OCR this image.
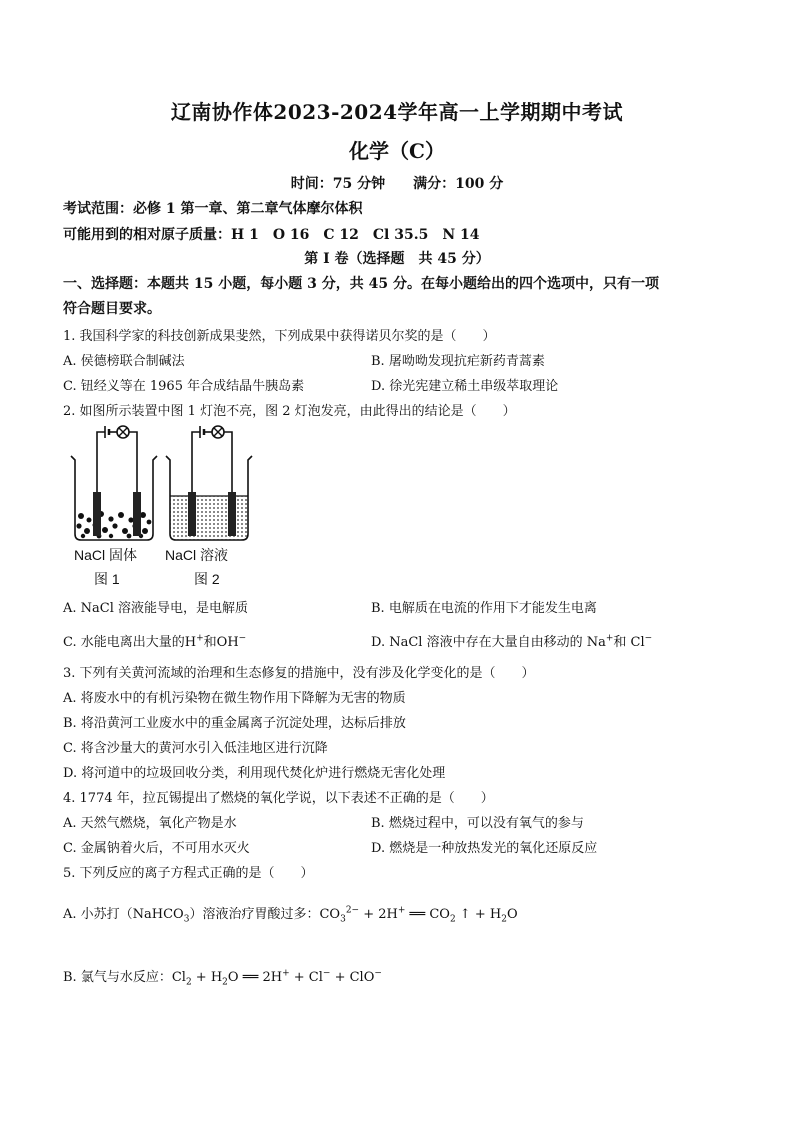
辽南协作体2023-2024学年高一上学期期中考试
化学（C）
时间：75 分钟　　满分：100 分
考试范围：必修 1 第一章、第二章气体摩尔体积
可能用到的相对原子质量：H 1　O 16　C 12　Cl 35.5　N 14
第 I 卷（选择题　共 45 分）
一、选择题：本题共 15 小题，每小题 3 分，共 45 分。在每小题给出的四个选项中，只有一项
符合题目要求。
1. 我国科学家的科技创新成果斐然，下列成果中获得诺贝尔奖的是（　　）
A. 侯德榜联合制碱法	B. 屠呦呦发现抗疟新药青蒿素
C. 钮经义等在 1965 年合成结晶牛胰岛素	D. 徐光宪建立稀土串级萃取理论
2. 如图所示装置中图 1 灯泡不亮，图 2 灯泡发亮，由此得出的结论是（　　）
NaCl 固体 NaCl 溶液
图 1	图 2
A. NaCl 溶液能导电，是电解质	B. 电解质在电流的作用下才能发生电离
C. 水能电离出大量的H+和OH−	D. NaCl 溶液中存在大量自由移动的 Na+和 Cl−
3. 下列有关黄河流域的治理和生态修复的措施中，没有涉及化学变化的是（　　）
A. 将废水中的有机污染物在微生物作用下降解为无害的物质
B. 将沿黄河工业废水中的重金属离子沉淀处理，达标后排放
C. 将含沙量大的黄河水引入低洼地区进行沉降
D. 将河道中的垃圾回收分类，利用现代焚化炉进行燃烧无害化处理
4. 1774 年，拉瓦锡提出了燃烧的氧化学说，以下表述不正确的是（　　）
A. 天然气燃烧，氧化产物是水	B. 燃烧过程中，可以没有氧气的参与
C. 金属钠着火后，不可用水灭火	D. 燃烧是一种放热发光的氧化还原反应
5. 下列反应的离子方程式正确的是（　　）
A. 小苏打（NaHCO$_3$）溶液治疗胃酸过多：$CO_3^{2-} + 2H^+$ ══ $CO_2$ ↑ + $H_2O$
B. 氯气与水反应：$Cl_2 + H_2O$ ══ 2H+ + Cl− + ClO−
